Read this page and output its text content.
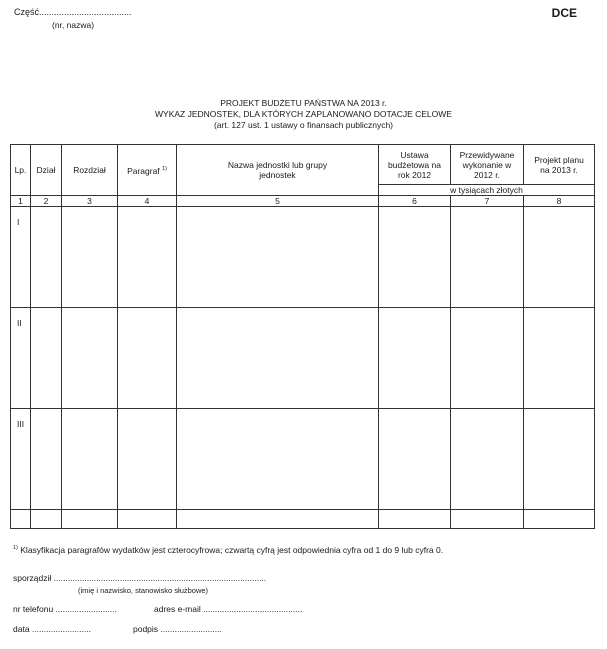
Część.....................................
(nr, nazwa)
DCE
PROJEKT BUDŻETU PAŃSTWA NA 2013 r.
WYKAZ JEDNOSTEK, DLA KTÓRYCH ZAPLANOWANO DOTACJE CELOWE
(art. 127 ust. 1 ustawy o finansach publicznych)
Lp.	Dział	Rozdział	Paragraf $^{1)}$	Nazwa jednostki lub grupy jednostek	Ustawa budżetowa na rok 2012	Przewidywane wykonanie w 2012 r.	Projekt planu na 2013 r.
					w tysiącach złotych		
1	2	3	4	5	6	7	8
I							
II							
III							

$^{1)}$ Klasyfikacja paragrafów wydatków jest czterocyfrowa; czwartą cyfrą jest odpowiednia cyfra od 1 do 9 lub cyfra 0.
sporządził ..........................................................................................
(imię i nazwisko, stanowisko służbowe)
nr telefonu ..........................	adres e-mail ..........................................
data .........................	podpis ..........................
